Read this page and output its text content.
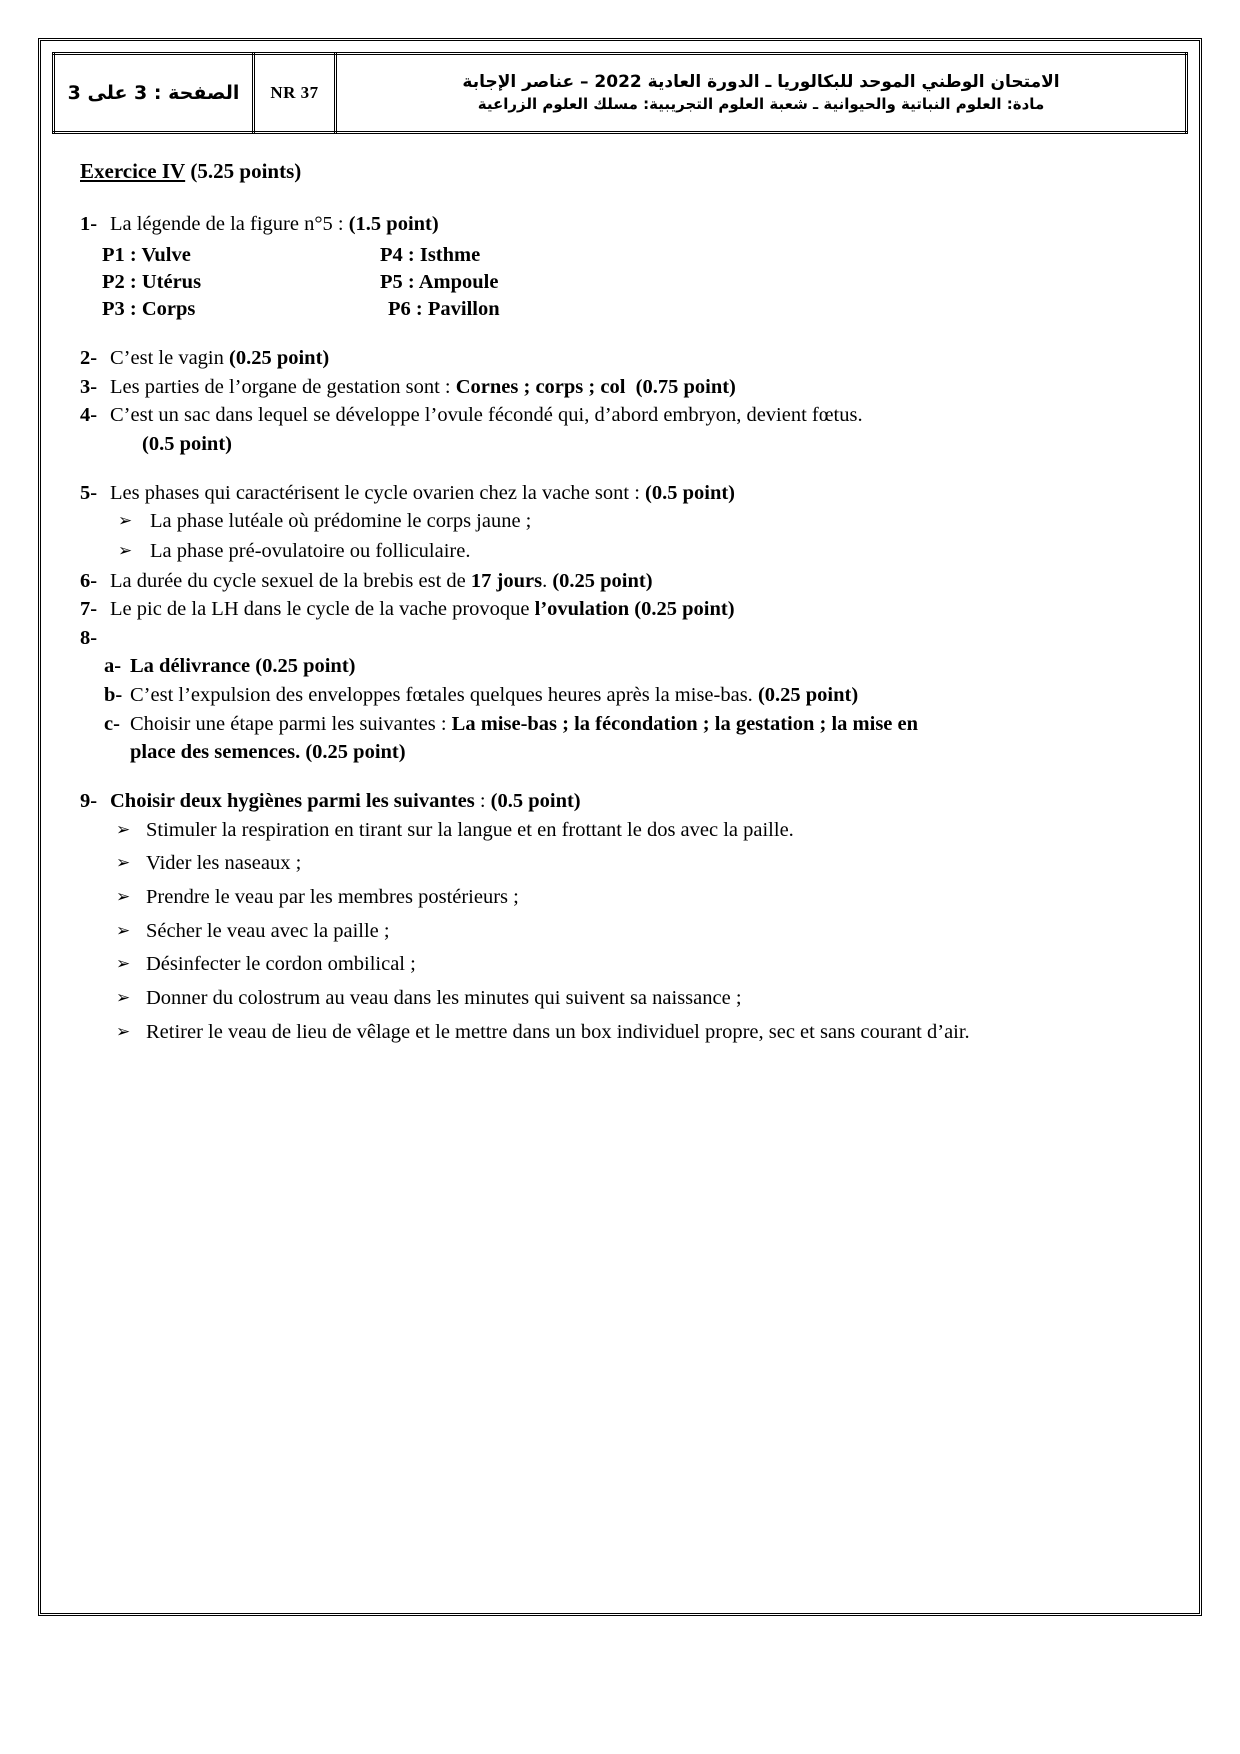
الصفحة : 3 على 3	NR 37	
الامتحان الوطني الموحد للبكالوريا ـ الدورة العادية 2022 – عناصر الإجابة
مادة: العلوم النباتية والحيوانية ـ شعبة العلوم التجريبية: مسلك العلوم الزراعية
Exercice IV (5.25 points)
1- La légende de la figure n°5 : (1.5 point)
P1 : Vulve	P4 : Isthme
P2 : Utérus	P5 : Ampoule
P3 : Corps	P6 : Pavillon
2- C’est le vagin (0.25 point)
3- Les parties de l’organe de gestation sont : Cornes ; corps ; col (0.75 point)
4- C’est un sac dans lequel se développe l’ovule fécondé qui, d’abord embryon, devient fœtus.
(0.5 point)
5- Les phases qui caractérisent le cycle ovarien chez la vache sont : (0.5 point)
➢ La phase lutéale où prédomine le corps jaune ;
➢ La phase pré-ovulatoire ou folliculaire.
6- La durée du cycle sexuel de la brebis est de 17 jours. (0.25 point)
7- Le pic de la LH dans le cycle de la vache provoque l’ovulation (0.25 point)
8-
a- La délivrance (0.25 point)
b- C’est l’expulsion des enveloppes fœtales quelques heures après la mise-bas. (0.25 point)
c- Choisir une étape parmi les suivantes : La mise-bas ; la fécondation ; la gestation ; la mise en
place des semences. (0.25 point)
9- Choisir deux hygiènes parmi les suivantes : (0.5 point)
➢ Stimuler la respiration en tirant sur la langue et en frottant le dos avec la paille.
➢ Vider les naseaux ;
➢ Prendre le veau par les membres postérieurs ;
➢ Sécher le veau avec la paille ;
➢ Désinfecter le cordon ombilical ;
➢ Donner du colostrum au veau dans les minutes qui suivent sa naissance ;
➢ Retirer le veau de lieu de vêlage et le mettre dans un box individuel propre, sec et sans courant d’air.
